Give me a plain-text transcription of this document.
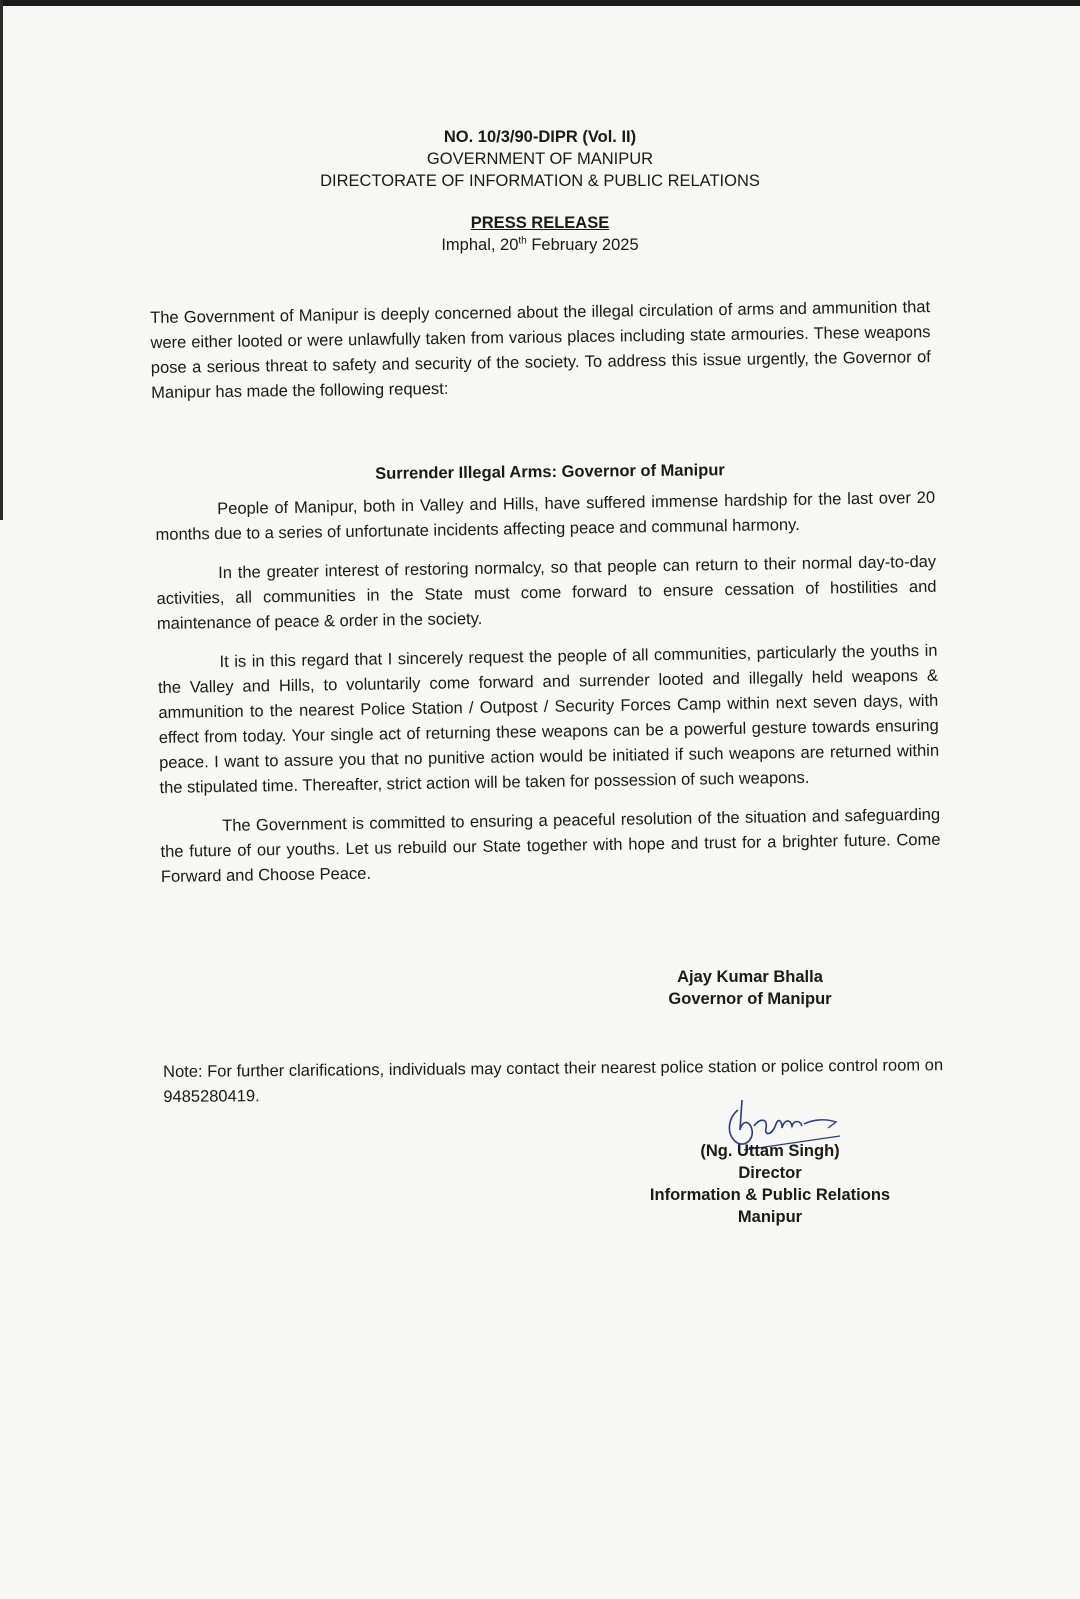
NO. 10/3/90-DIPR (Vol. II)
GOVERNMENT OF MANIPUR
DIRECTORATE OF INFORMATION & PUBLIC RELATIONS
PRESS RELEASE
Imphal, 20th February 2025
The Government of Manipur is deeply concerned about the illegal circulation of arms and ammunition that were either looted or were unlawfully taken from various places including state armouries. These weapons pose a serious threat to safety and security of the society. To address this issue urgently, the Governor of Manipur has made the following request:
Surrender Illegal Arms: Governor of Manipur

People of Manipur, both in Valley and Hills, have suffered immense hardship for the last over 20 months due to a series of unfortunate incidents affecting peace and communal harmony.

In the greater interest of restoring normalcy, so that people can return to their normal day-to-day activities, all communities in the State must come forward to ensure cessation of hostilities and maintenance of peace & order in the society.

It is in this regard that I sincerely request the people of all communities, particularly the youths in the Valley and Hills, to voluntarily come forward and surrender looted and illegally held weapons & ammunition to the nearest Police Station / Outpost / Security Forces Camp within next seven days, with effect from today. Your single act of returning these weapons can be a powerful gesture towards ensuring peace. I want to assure you that no punitive action would be initiated if such weapons are returned within the stipulated time. Thereafter, strict action will be taken for possession of such weapons.

The Government is committed to ensuring a peaceful resolution of the situation and safeguarding the future of our youths. Let us rebuild our State together with hope and trust for a brighter future. Come Forward and Choose Peace.

Ajay Kumar Bhalla
Governor of Manipur
Note: For further clarifications, individuals may contact their nearest police station or police control room on 9485280419.
(Ng. Uttam Singh)
Director
Information & Public Relations
Manipur
